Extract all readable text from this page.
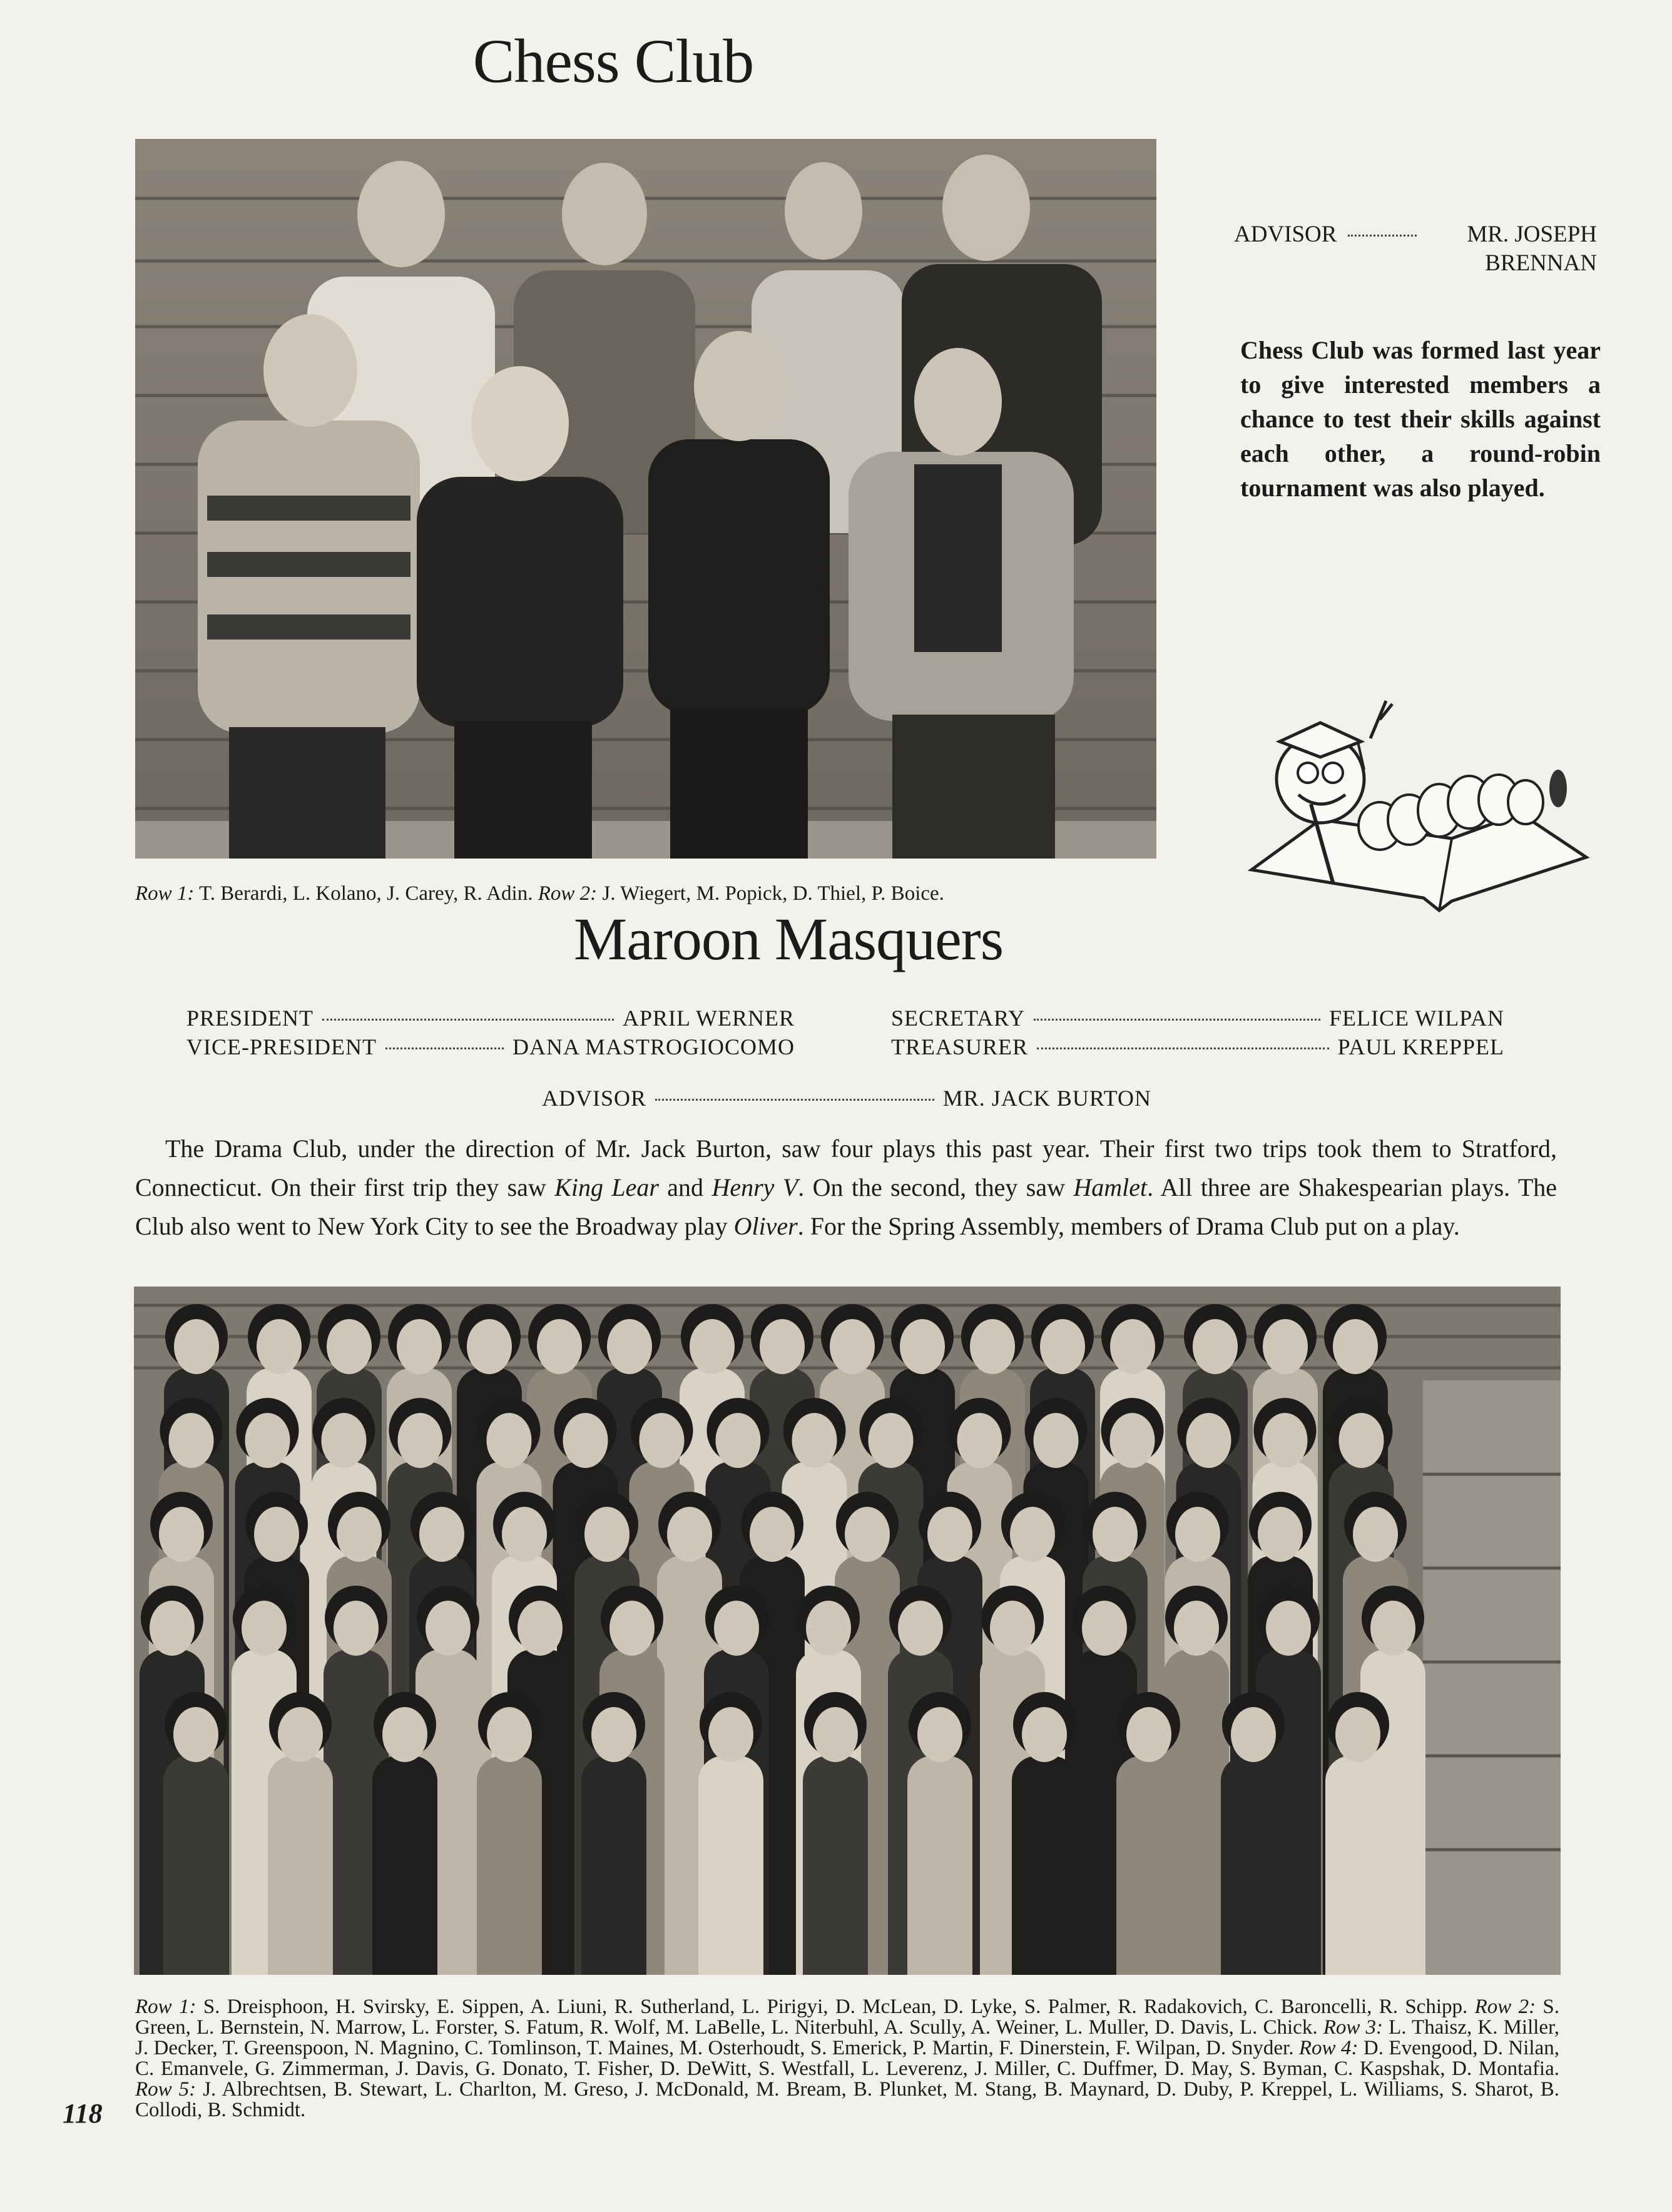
Chess Club
ADVISOR	MR. JOSEPH
BRENNAN
Chess Club was formed last year to give interested members a chance to test their skills against each other, a round-robin tournament was also played.
Row 1: T. Berardi, L. Kolano, J. Carey, R. Adin. Row 2: J. Wiegert, M. Popick, D. Thiel, P. Boice.
Maroon Masquers
PRESIDENT	APRIL WERNER
VICE-PRESIDENT	DANA MASTROGIOCOMO
SECRETARY	FELICE WILPAN
TREASURER	PAUL KREPPEL
ADVISOR	MR. JACK BURTON
The Drama Club, under the direction of Mr. Jack Burton, saw four plays this past year. Their first two trips took them to Stratford, Connecticut. On their first trip they saw King Lear and Henry V. On the second, they saw Hamlet. All three are Shakespearian plays. The Club also went to New York City to see the Broadway play Oliver. For the Spring Assembly, members of Drama Club put on a play.
Row 1: S. Dreisphoon, H. Svirsky, E. Sippen, A. Liuni, R. Sutherland, L. Pirigyi, D. McLean, D. Lyke, S. Palmer, R. Radakovich, C. Baroncelli, R. Schipp. Row 2: S. Green, L. Bernstein, N. Marrow, L. Forster, S. Fatum, R. Wolf, M. LaBelle, L. Niterbuhl, A. Scully, A. Weiner, L. Muller, D. Davis, L. Chick. Row 3: L. Thaisz, K. Miller, J. Decker, T. Greenspoon, N. Magnino, C. Tomlinson, T. Maines, M. Osterhoudt, S. Emerick, P. Martin, F. Dinerstein, F. Wilpan, D. Snyder. Row 4: D. Evengood, D. Nilan, C. Emanvele, G. Zimmerman, J. Davis, G. Donato, T. Fisher, D. DeWitt, S. Westfall, L. Leverenz, J. Miller, C. Duffmer, D. May, S. Byman, C. Kaspshak, D. Montafia. Row 5: J. Albrechtsen, B. Stewart, L. Charlton, M. Greso, J. McDonald, M. Bream, B. Plunket, M. Stang, B. Maynard, D. Duby, P. Kreppel, L. Williams, S. Sharot, B. Collodi, B. Schmidt.
118
